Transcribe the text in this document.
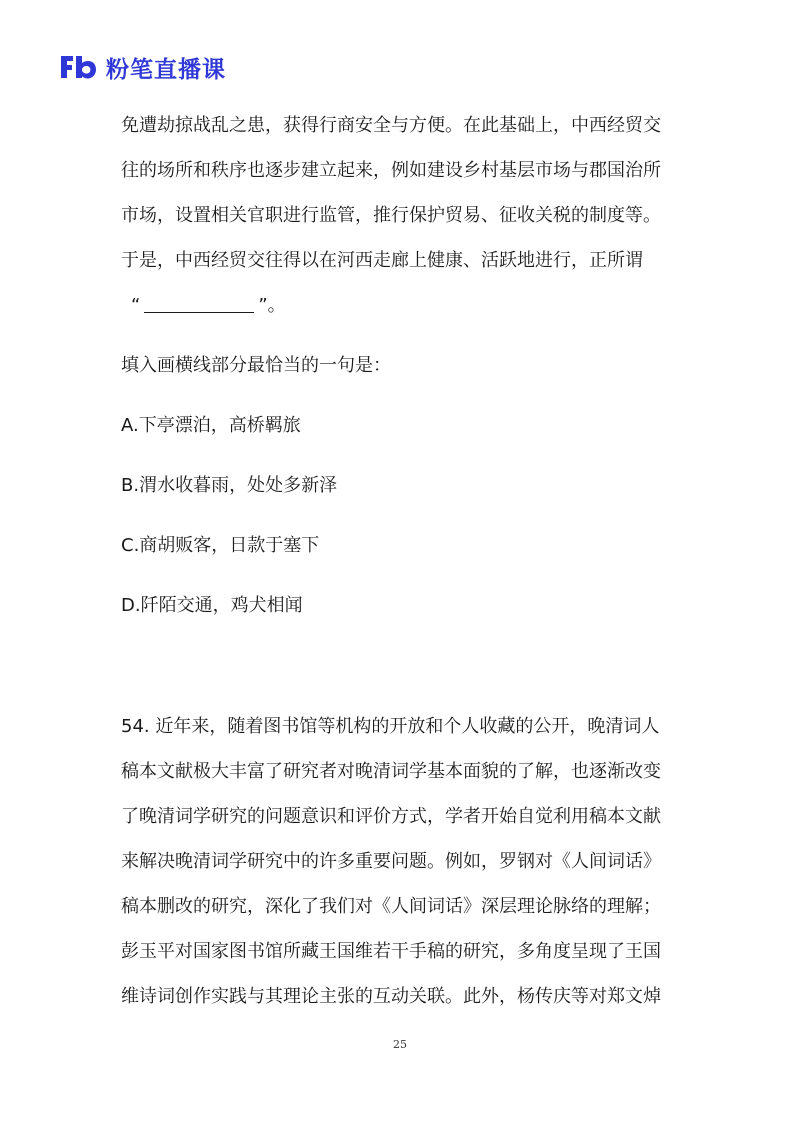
粉笔直播课
免遭劫掠战乱之患，获得行商安全与方便。在此基础上，中西经贸交
往的场所和秩序也逐步建立起来，例如建设乡村基层市场与郡国治所
市场，设置相关官职进行监管，推行保护贸易、征收关税的制度等。
于是，中西经贸交往得以在河西走廊上健康、活跃地进行，正所谓
“	”。
填入画横线部分最恰当的一句是：
A.下亭漂泊，高桥羁旅
B.渭水收暮雨，处处多新泽
C.商胡贩客，日款于塞下
D.阡陌交通，鸡犬相闻
54. 近年来，随着图书馆等机构的开放和个人收藏的公开，晚清词人
稿本文献极大丰富了研究者对晚清词学基本面貌的了解，也逐渐改变
了晚清词学研究的问题意识和评价方式，学者开始自觉利用稿本文献
来解决晚清词学研究中的许多重要问题。例如，罗钢对《人间词话》
稿本删改的研究，深化了我们对《人间词话》深层理论脉络的理解；
彭玉平对国家图书馆所藏王国维若干手稿的研究，多角度呈现了王国
维诗词创作实践与其理论主张的互动关联。此外，杨传庆等对郑文焯
25
